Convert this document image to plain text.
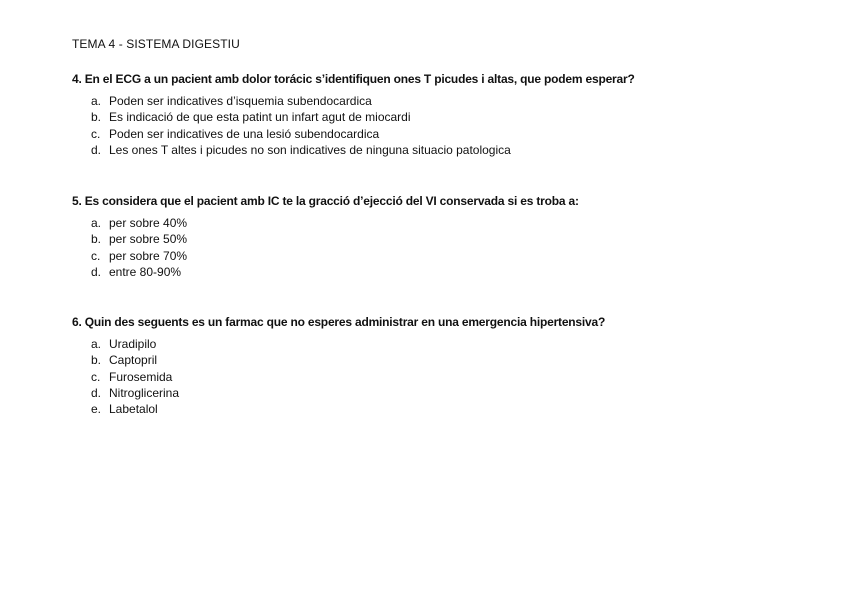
TEMA 4 - SISTEMA DIGESTIU
4. En el ECG a un pacient amb dolor torácic s’identifiquen ones T picudes i altas, que podem esperar?
a. Poden ser indicatives d’isquemia subendocardica
b. Es indicació de que esta patint un infart agut de miocardi
c. Poden ser indicatives de una lesió subendocardica
d. Les ones T altes i picudes no son indicatives de ninguna situacio patologica
5. Es considera que el pacient amb IC te la gracció d’ejecció del VI conservada si es troba a:
a. per sobre 40%
b. per sobre 50%
c. per sobre 70%
d. entre 80-90%
6. Quin des seguents es un farmac que no esperes administrar en una emergencia hipertensiva?
a. Uradipilo
b. Captopril
c. Furosemida
d. Nitroglicerina
e. Labetalol
